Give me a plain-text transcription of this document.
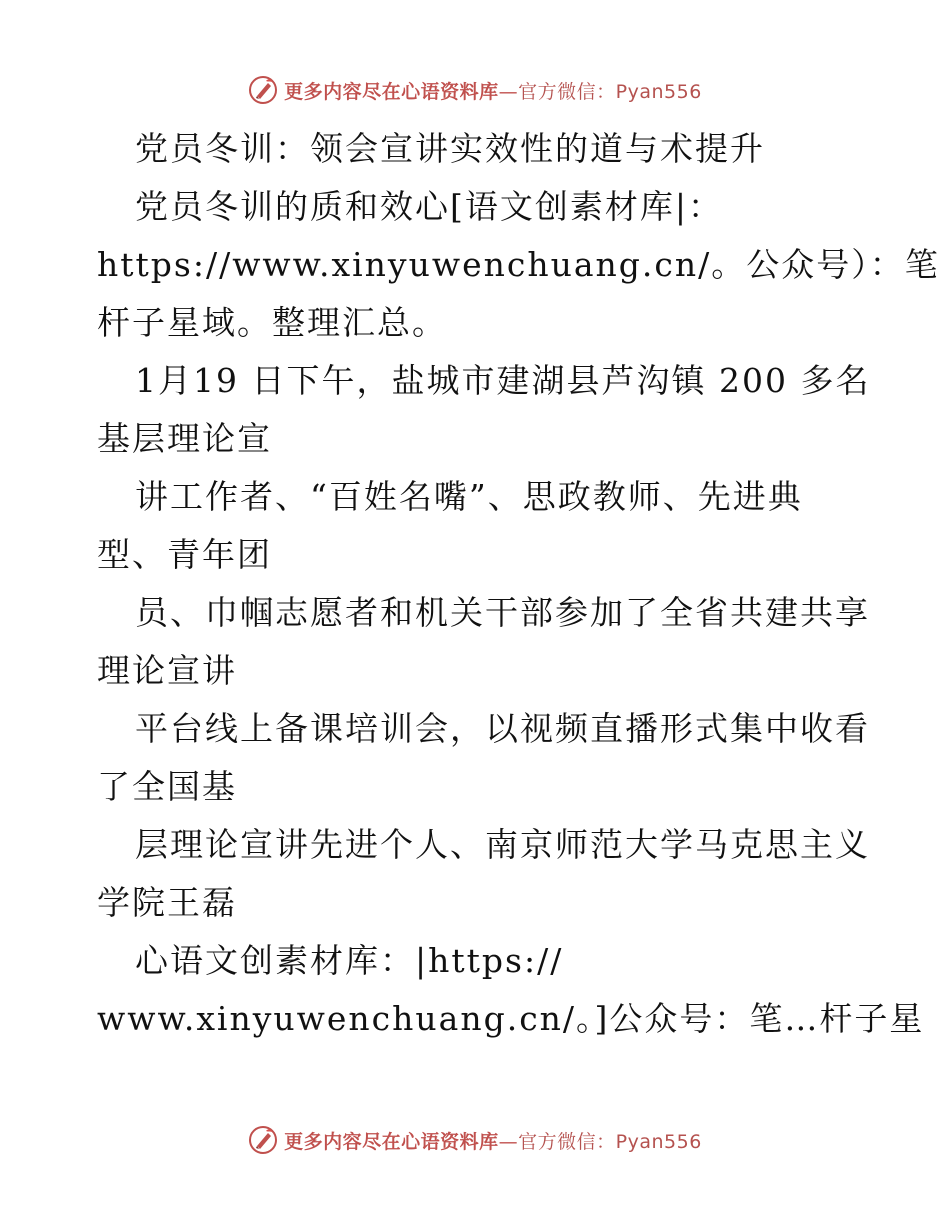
更多内容尽在心语资料库—官方微信：Pyan556
党员冬训：领会宣讲实效性的道与术提升
党员冬训的质和效心[语文创素材库|：
https://www.xinyuwenchuang.cn/。公众号）：笔
杆子星域。整理汇总。
1月19 日下午，盐城市建湖县芦沟镇 200 多名
基层理论宣
讲工作者、“百姓名嘴”、思政教师、先进典
型、青年团
员、巾帼志愿者和机关干部参加了全省共建共享
理论宣讲
平台线上备课培训会，以视频直播形式集中收看
了全国基
层理论宣讲先进个人、南京师范大学马克思主义
学院王磊
心语文创素材库：|https://
www.xinyuwenchuang.cn/。]公众号：笔…杆子星
更多内容尽在心语资料库—官方微信：Pyan556
